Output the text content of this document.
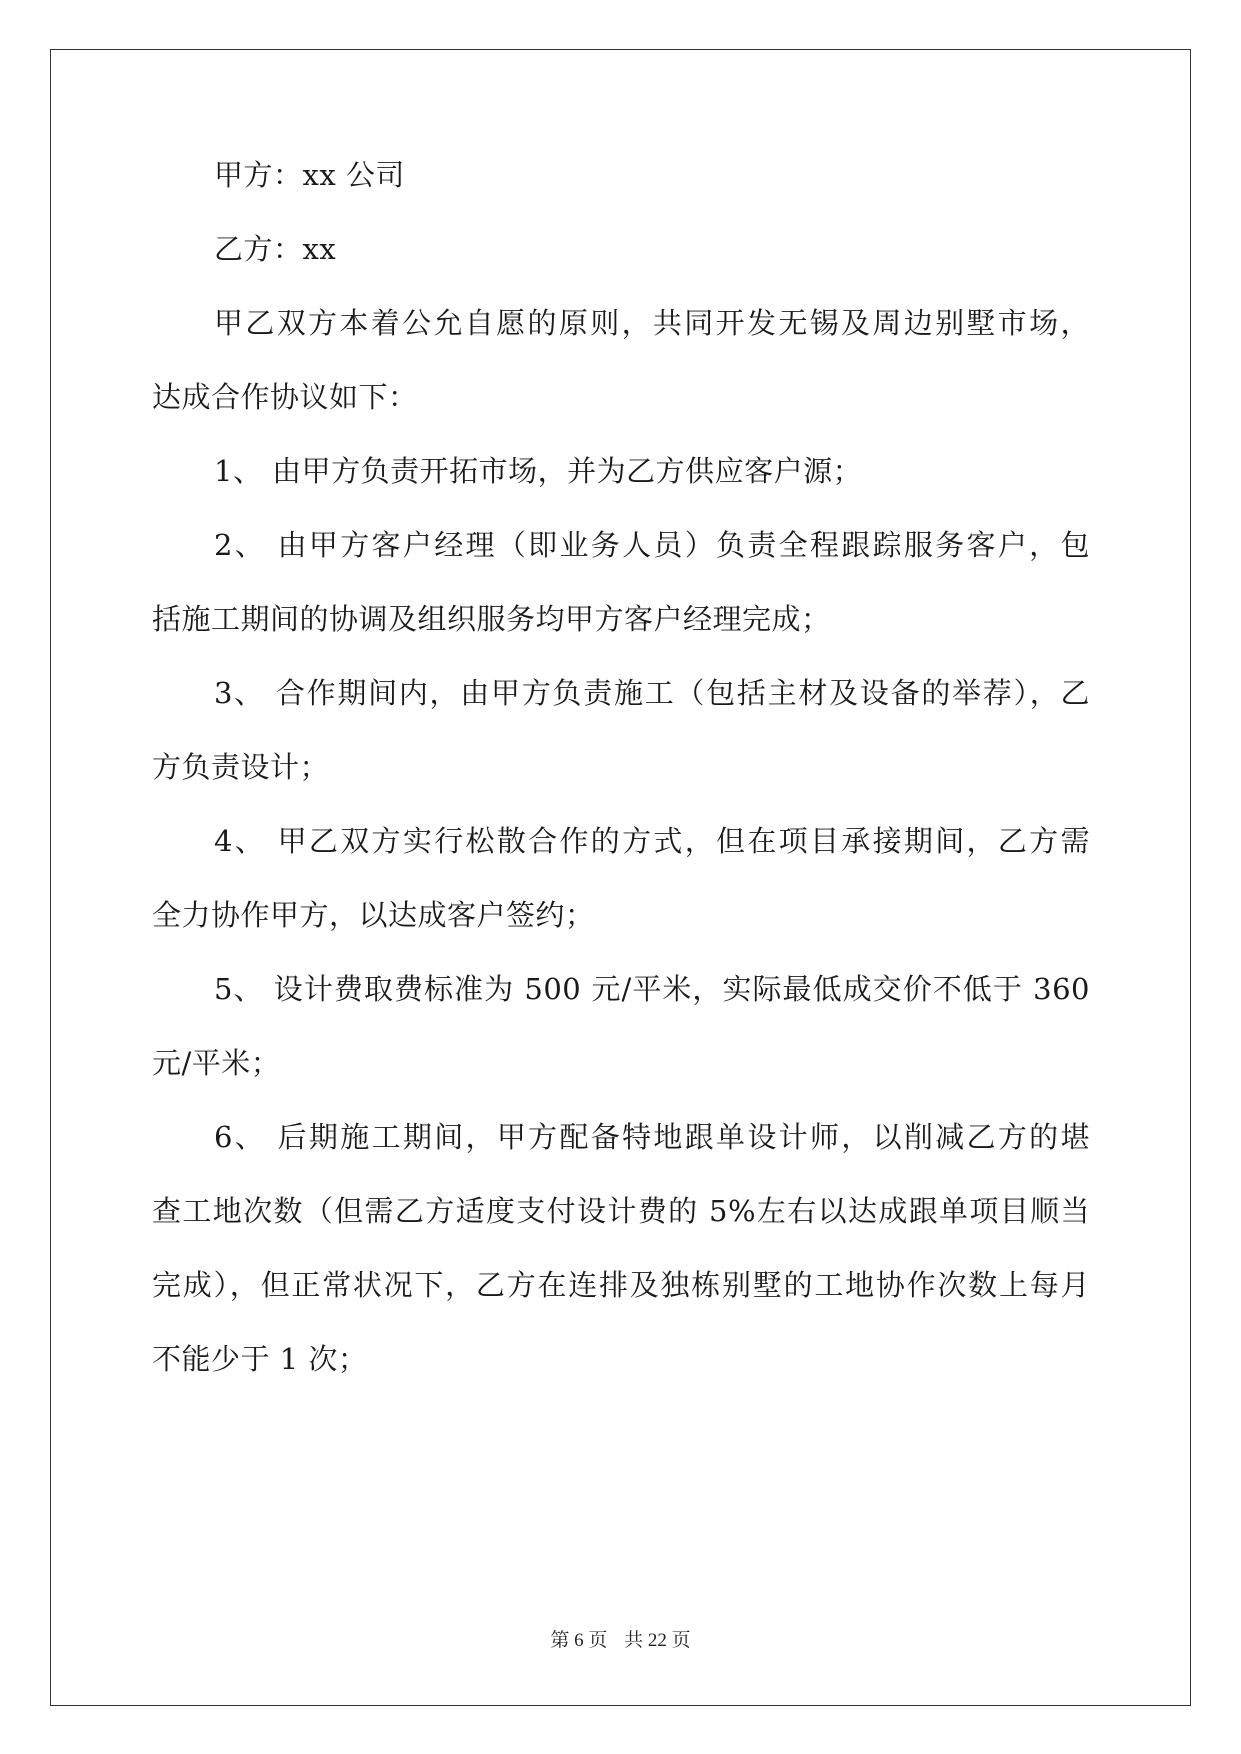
甲方：xx 公司
乙方：xx
甲乙双方本着公允自愿的原则，共同开发无锡及周边别墅市场，
达成合作协议如下：
1、 由甲方负责开拓市场，并为乙方供应客户源；
2、 由甲方客户经理（即业务人员）负责全程跟踪服务客户，包
括施工期间的协调及组织服务均甲方客户经理完成；
3、 合作期间内，由甲方负责施工（包括主材及设备的举荐），乙
方负责设计；
4、 甲乙双方实行松散合作的方式，但在项目承接期间，乙方需
全力协作甲方，以达成客户签约；
5、 设计费取费标准为 500 元/平米，实际最低成交价不低于 360
元/平米；
6、 后期施工期间，甲方配备特地跟单设计师，以削减乙方的堪
查工地次数（但需乙方适度支付设计费的 5%左右以达成跟单项目顺当
完成），但正常状况下，乙方在连排及独栋别墅的工地协作次数上每月
不能少于 1 次；
第 6 页 共 22 页
